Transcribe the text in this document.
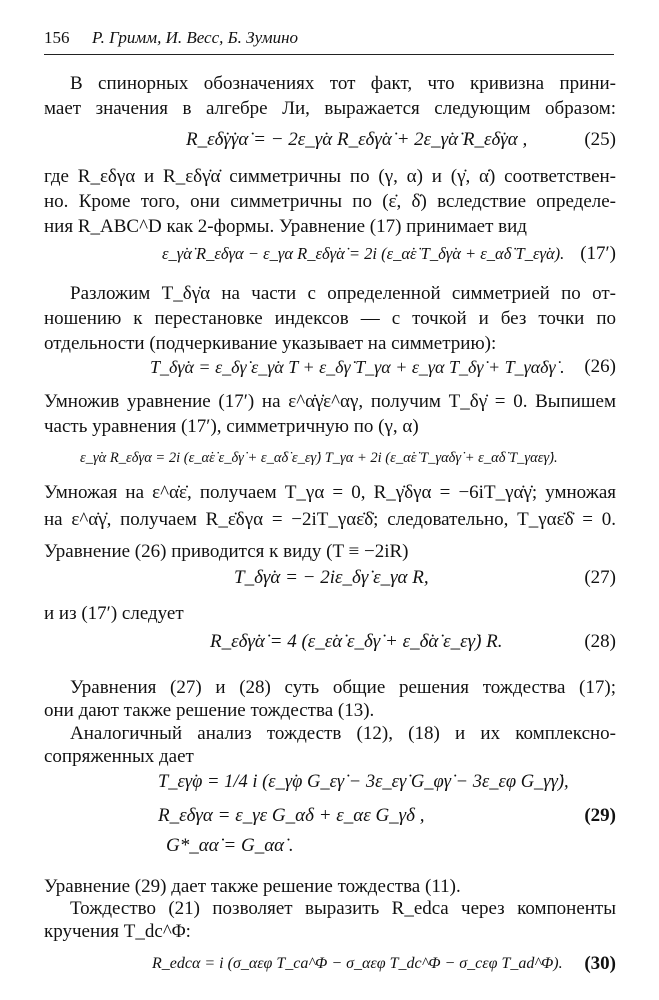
156 Р. Гримм, И. Весс, Б. Зумино
В спинорных обозначениях тот факт, что кривизна прини-
мает значения в алгебре Ли, выражается следующим образом:
R_εδ̇γ̇γα̇ = − 2ε_γ̇α R_εδγ̇α̇ + 2ε_γ̇α̇ R_εδ̇γα ,	(25)
где R_εδγα и R_εδγ̇α̇ симметричны по (γ, α) и (γ̇, α̇) соответствен-
но. Кроме того, они симметричны по (ε̇, δ̇) вследствие определе-
ния R_ABC^D как 2-формы. Уравнение (17) принимает вид
ε_γ̇α̇ R_εδγα − ε_γα R_εδγ̇α̇ = 2i (ε_α̇ε̇ T_δγ̇α + ε_α̇δ̇ T_εγ̇α). (17′)
Разложим T_δγ̇α на части с определенной симметрией по от-
ношению к перестановке индексов — с точкой и без точки по
отдельности (подчеркивание указывает на симметрию):
T_δγ̇α = ε_δγ̇ ε_γ̇α T + ε_δγ̇ T_γα + ε_γα T_δγ̇ + T_γα̇δγ̇ . (26)
Умножив уравнение (17′) на ε^α̇γ̇ε^αγ, получим T_δγ̇ = 0. Выпишем
часть уравнения (17′), симметричную по (γ, α)
ε_γ̇α R_εδγα = 2i (ε_α̇ε̇ ε_δγ̇ + ε_α̇δ̇ ε_εγ̇) T_γα + 2i (ε_α̇ε̇ T_γα̇δγ̇ + ε_α̇δ̇ T_γαεγ̇).
Умножая на ε^α̇ε̇, получаем T_γα = 0, R_γ̇δγα = −6iT_γα̇γ̇; умножая
на ε^α̇γ̇, получаем R_ε̇δγα = −2iT_γαε̇δ̇; следовательно, T_γαε̇δ̇ = 0.
Уравнение (26) приводится к виду (T ≡ −2iR)
T_δγ̇α = − 2iε_δγ̇ ε_γα R,	(27)
и из (17′) следует
R_εδγ̇α̇ = 4 (ε_ε̇α̇ ε_δγ̇ + ε_δ̇α̇ ε_εγ̇) R.	(28)
Уравнения (27) и (28) суть общие решения тождества (17);
они дают также решение тождества (13).
Аналогичный анализ тождеств (12), (18) и их комплексно-
сопряженных дает
T_εγ̇φ = 1/4 i (ε_γ̇φ G_εγ̇ − 3ε_εγ̇ G_φγ̇ − 3ε_εφ G_γγ̇),
R_εδγα = ε_γε G_αδ + ε_αε G_γδ ,	(29)
G*_αα̇ = G_αα̇ .
Уравнение (29) дает также решение тождества (11).
Тождество (21) позволяет выразить R_edca через компоненты
кручения T_dc^Φ:
R_edcα = i (σ_αεφ T_ca^Φ − σ_αεφ T_dc^Φ − σ_cεφ T_ad^Φ). (30)
